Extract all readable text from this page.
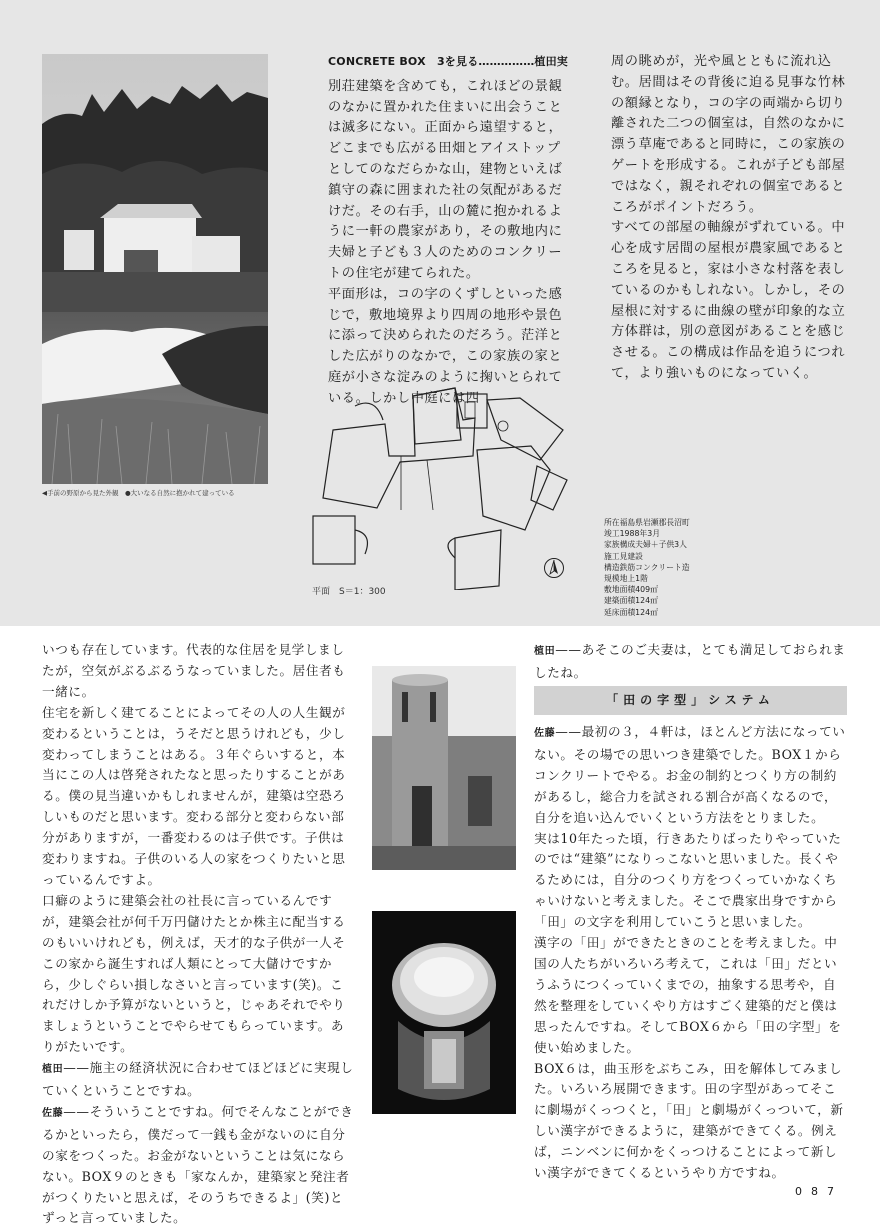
◀手前の野原から見た外観　●大いなる自然に抱かれて建っている
CONCRETE BOX　3を見る……………植田実

別荘建築を含めても，これほどの景観のなかに置かれた住まいに出会うことは滅多にない。正面から遠望すると，どこまでも広がる田畑とアイストップとしてのなだらかな山，建物といえば鎮守の森に囲まれた社の気配があるだけだ。その右手，山の麓に抱かれるように一軒の農家があり，その敷地内に夫婦と子ども３人のためのコンクリートの住宅が建てられた。

平面形は，コの字のくずしといった感じで，敷地境界より四周の地形や景色に添って決められたのだろう。茫洋とした広がりのなかで，この家族の家と庭が小さな淀みのように掬いとられている。しかし中庭には四

周の眺めが，光や風とともに流れ込む。居間はその背後に迫る見事な竹林の額縁となり，コの字の両端から切り離された二つの個室は，自然のなかに漂う草庵であると同時に，この家族のゲートを形成する。これが子ども部屋ではなく，親それぞれの個室であるところがポイントだろう。

すべての部屋の軸線がずれている。中心を成す居間の屋根が農家風であるところを見ると，家は小さな村落を表しているのかもしれない。しかし，その屋根に対するに曲線の壁が印象的な立方体群は，別の意図があることを感じさせる。この構成は作品を追うにつれて，より強いものになっていく。

平面　S＝1：300
所在福島県岩瀬郡長沼町
竣工1988年3月
家族構成夫婦＋子供3人
施工見建設
構造鉄筋コンクリート造
規模地上1階
敷地面積409㎡
建築面積124㎡
延床面積124㎡

いつも存在しています。代表的な住居を見学しましたが，空気がぶるぶるうなっていました。居住者も一緒に。

住宅を新しく建てることによってその人の人生観が変わるということは，うそだと思うけれども，少し変わってしまうことはある。３年ぐらいすると，本当にこの人は啓発されたなと思ったりすることがある。僕の見当違いかもしれませんが，建築は空恐ろしいものだと思います。変わる部分と変わらない部分がありますが，一番変わるのは子供です。子供は変わりますね。子供のいる人の家をつくりたいと思っているんですよ。

口癖のように建築会社の社長に言っているんですが，建築会社が何千万円儲けたとか株主に配当するのもいいけれども，例えば，天才的な子供が一人そこの家から誕生すれば人類にとって大儲けですから，少しぐらい損しなさいと言っています(笑)。これだけしか予算がないというと，じゃあそれでやりましょうということでやらせてもらっています。ありがたいです。

植田——施主の経済状況に合わせてほどほどに実現していくということですね。

佐藤——そういうことですね。何でそんなことができるかといったら，僕だって一銭も金がないのに自分の家をつくった。お金がないということは気にならない。BOX９のときも「家なんか，建築家と発注者がつくりたいと思えば，そのうちできるよ」(笑)とずっと言っていました。

植田——あそこのご夫妻は，とても満足しておられましたね。

「田の字型」システム

佐藤——最初の３，４軒は，ほとんど方法になっていない。その場での思いつき建築でした。BOX１からコンクリートでやる。お金の制約とつくり方の制約があるし，総合力を試される割合が高くなるので，自分を追い込んでいくという方法をとりました。

実は10年たった頃，行きあたりばったりやっていたのでは“建築”になりっこないと思いました。長くやるためには，自分のつくり方をつくっていかなくちゃいけないと考えました。そこで農家出身ですから「田」の文字を利用していこうと思いました。

漢字の「田」ができたときのことを考えました。中国の人たちがいろいろ考えて，これは「田」だというふうにつくっていくまでの，抽象する思考や，自然を整理をしていくやり方はすごく建築的だと僕は思ったんですね。そしてBOX６から「田の字型」を使い始めました。

BOX６は，曲玉形をぶちこみ，田を解体してみました。いろいろ展開できます。田の字型があってそこに劇場がくっつくと，「田」と劇場がくっついて，新しい漢字ができるように，建築ができてくる。例えば，ニンベンに何かをくっつけることによって新しい漢字ができてくるというやり方ですね。

087
